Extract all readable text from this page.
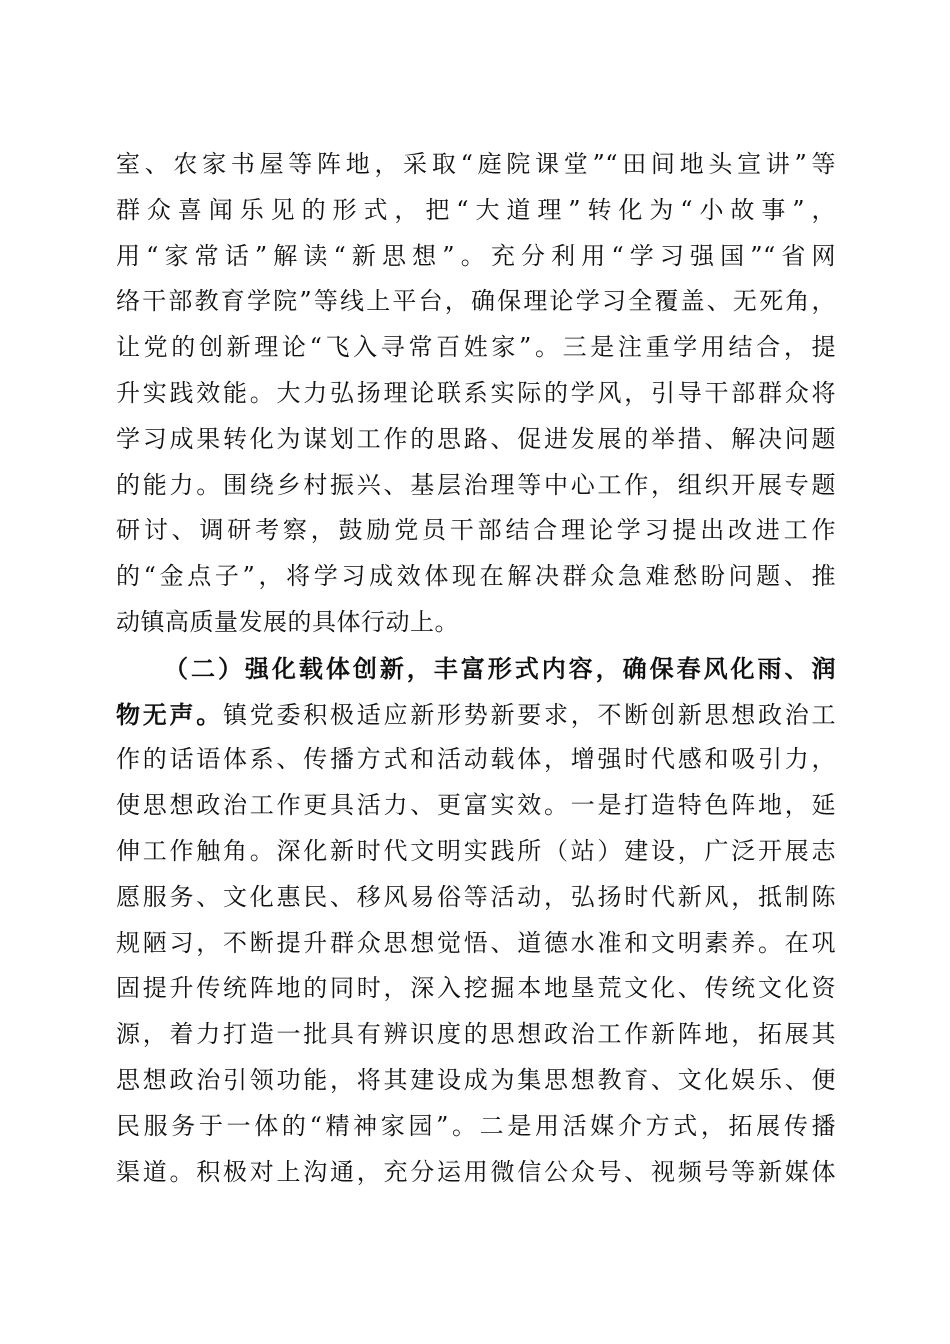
室、农家书屋等阵地，采取“庭院课堂”“田间地头宣讲”等
群众喜闻乐见的形式，把“大道理”转化为“小故事”，
用“家常话”解读“新思想”。充分利用“学习强国”“省网
络干部教育学院”等线上平台，确保理论学习全覆盖、无死角，
让党的创新理论“飞入寻常百姓家”。三是注重学用结合，提
升实践效能。大力弘扬理论联系实际的学风，引导干部群众将
学习成果转化为谋划工作的思路、促进发展的举措、解决问题
的能力。围绕乡村振兴、基层治理等中心工作，组织开展专题
研讨、调研考察，鼓励党员干部结合理论学习提出改进工作
的“金点子”，将学习成效体现在解决群众急难愁盼问题、推
动镇高质量发展的具体行动上。
（二）强化载体创新，丰富形式内容，确保春风化雨、润
物无声。镇党委积极适应新形势新要求，不断创新思想政治工
作的话语体系、传播方式和活动载体，增强时代感和吸引力，
使思想政治工作更具活力、更富实效。一是打造特色阵地，延
伸工作触角。深化新时代文明实践所（站）建设，广泛开展志
愿服务、文化惠民、移风易俗等活动，弘扬时代新风，抵制陈
规陋习，不断提升群众思想觉悟、道德水准和文明素养。在巩
固提升传统阵地的同时，深入挖掘本地垦荒文化、传统文化资
源，着力打造一批具有辨识度的思想政治工作新阵地，拓展其
思想政治引领功能，将其建设成为集思想教育、文化娱乐、便
民服务于一体的“精神家园”。二是用活媒介方式，拓展传播
渠道。积极对上沟通，充分运用微信公众号、视频号等新媒体
